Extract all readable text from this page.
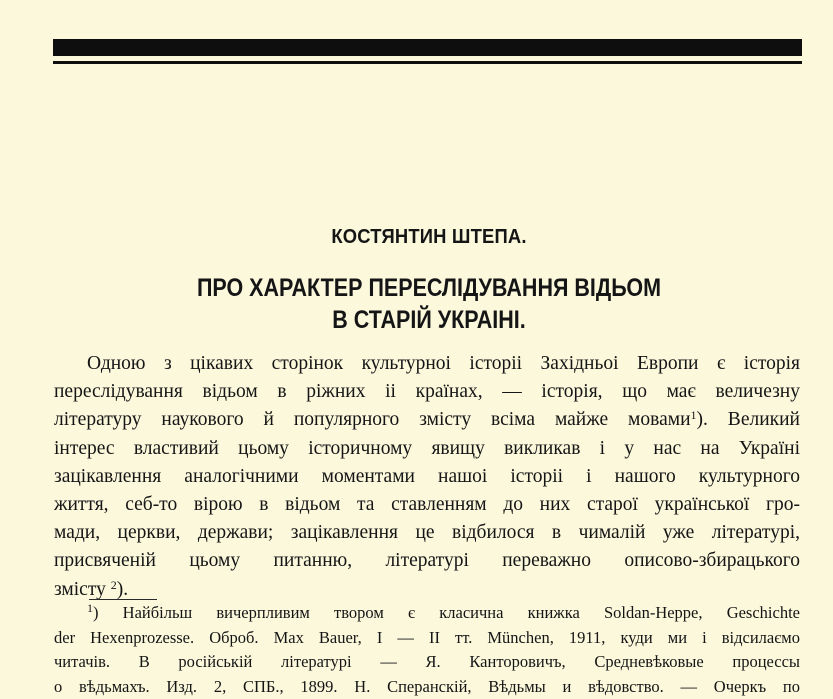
КОСТЯНТИН ШТЕПА.
ПРО ХАРАКТЕР ПЕРЕСЛІДУВАННЯ ВІДЬОМ
В СТАРІЙ УКРАІНІ.
Одною з цікавих сторінок культурноі історіі Західньоі Европи є історія
переслідування відьом в ріжних іі країнах, — історія, що має величезну
літературу наукового й популярного змісту всіма майже мовами$^1$). Великий
інтерес властивий цьому історичному явищу викликав і у нас на Україні
зацікавлення аналогічними моментами нашоі історіі і нашого культурного
життя, себ-то вірою в відьом та ставленням до них старої української гро-
мади, церкви, держави; зацікавлення це відбилося в чималій уже літературі,
присвяченій цьому питанню, літературі переважно описово-збирацького
змісту $^2$).
$^1$) Найбільш вичерпливим твором є класична книжка Soldan-Heppe, Geschichte
der Hexenprozesse. Оброб. Max Bauer, I — II тт. München, 1911, куди ми і відсилаємо
читачів. В російській літературі — Я. Канторовичъ, Средневѣковые процессы
о вѣдьмахъ. Изд. 2, СПБ., 1899. Н. Сперанскій, Вѣдьмы и вѣдовство. — Очеркъ по
